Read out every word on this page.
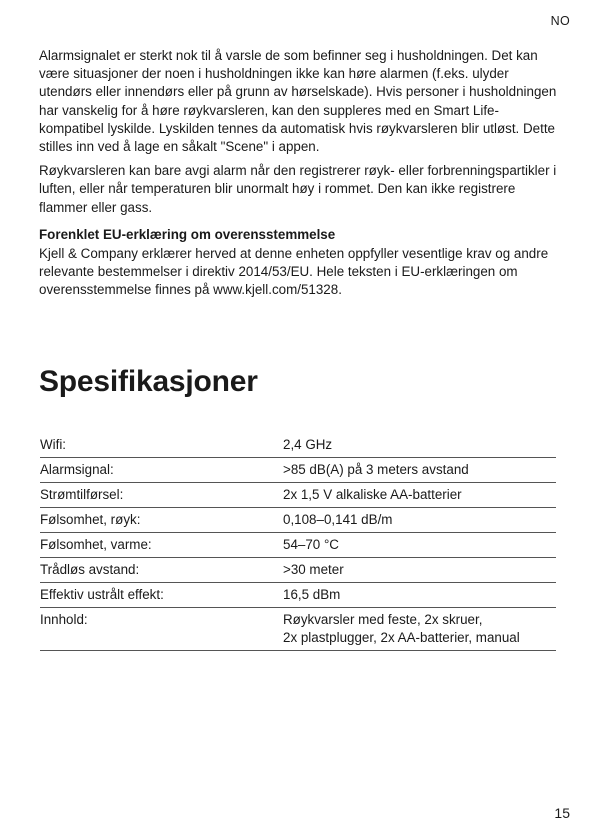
NO

Alarmsignalet er sterkt nok til å varsle de som befinner seg i husholdningen. Det kan være situasjoner der noen i husholdningen ikke kan høre alarmen (f.eks. ulyder utendørs eller innendørs eller på grunn av hørselskade). Hvis personer i husholdningen har vanskelig for å høre røykvarsleren, kan den suppleres med en Smart Life-kompatibel lyskilde. Lyskilden tennes da automatisk hvis røykvarsleren blir utløst. Dette stilles inn ved å lage en såkalt "Scene" i appen.

Røykvarsleren kan bare avgi alarm når den registrerer røyk- eller forbrenningspartikler i luften, eller når temperaturen blir unormalt høy i rommet. Den kan ikke registrere flammer eller gass.

Forenklet EU-erklæring om overensstemmelse

Kjell & Company erklærer herved at denne enheten oppfyller vesentlige krav og andre relevante bestemmelser i direktiv 2014/53/EU. Hele teksten i EU-erklæringen om overensstemmelse finnes på www.kjell.com/51328.

Spesifikasjoner
Wifi:	2,4 GHz
Alarmsignal:	>85 dB(A) på 3 meters avstand
Strømtilførsel:	2x 1,5 V alkaliske AA-batterier
Følsomhet, røyk:	0,108–0,141 dB/m
Følsomhet, varme:	54–70 °C
Trådløs avstand:	>30 meter
Effektiv ustrålt effekt:	16,5 dBm
Innhold:	Røykvarsler med feste, 2x skruer,
2x plastplugger, 2x AA-batterier, manual
15
